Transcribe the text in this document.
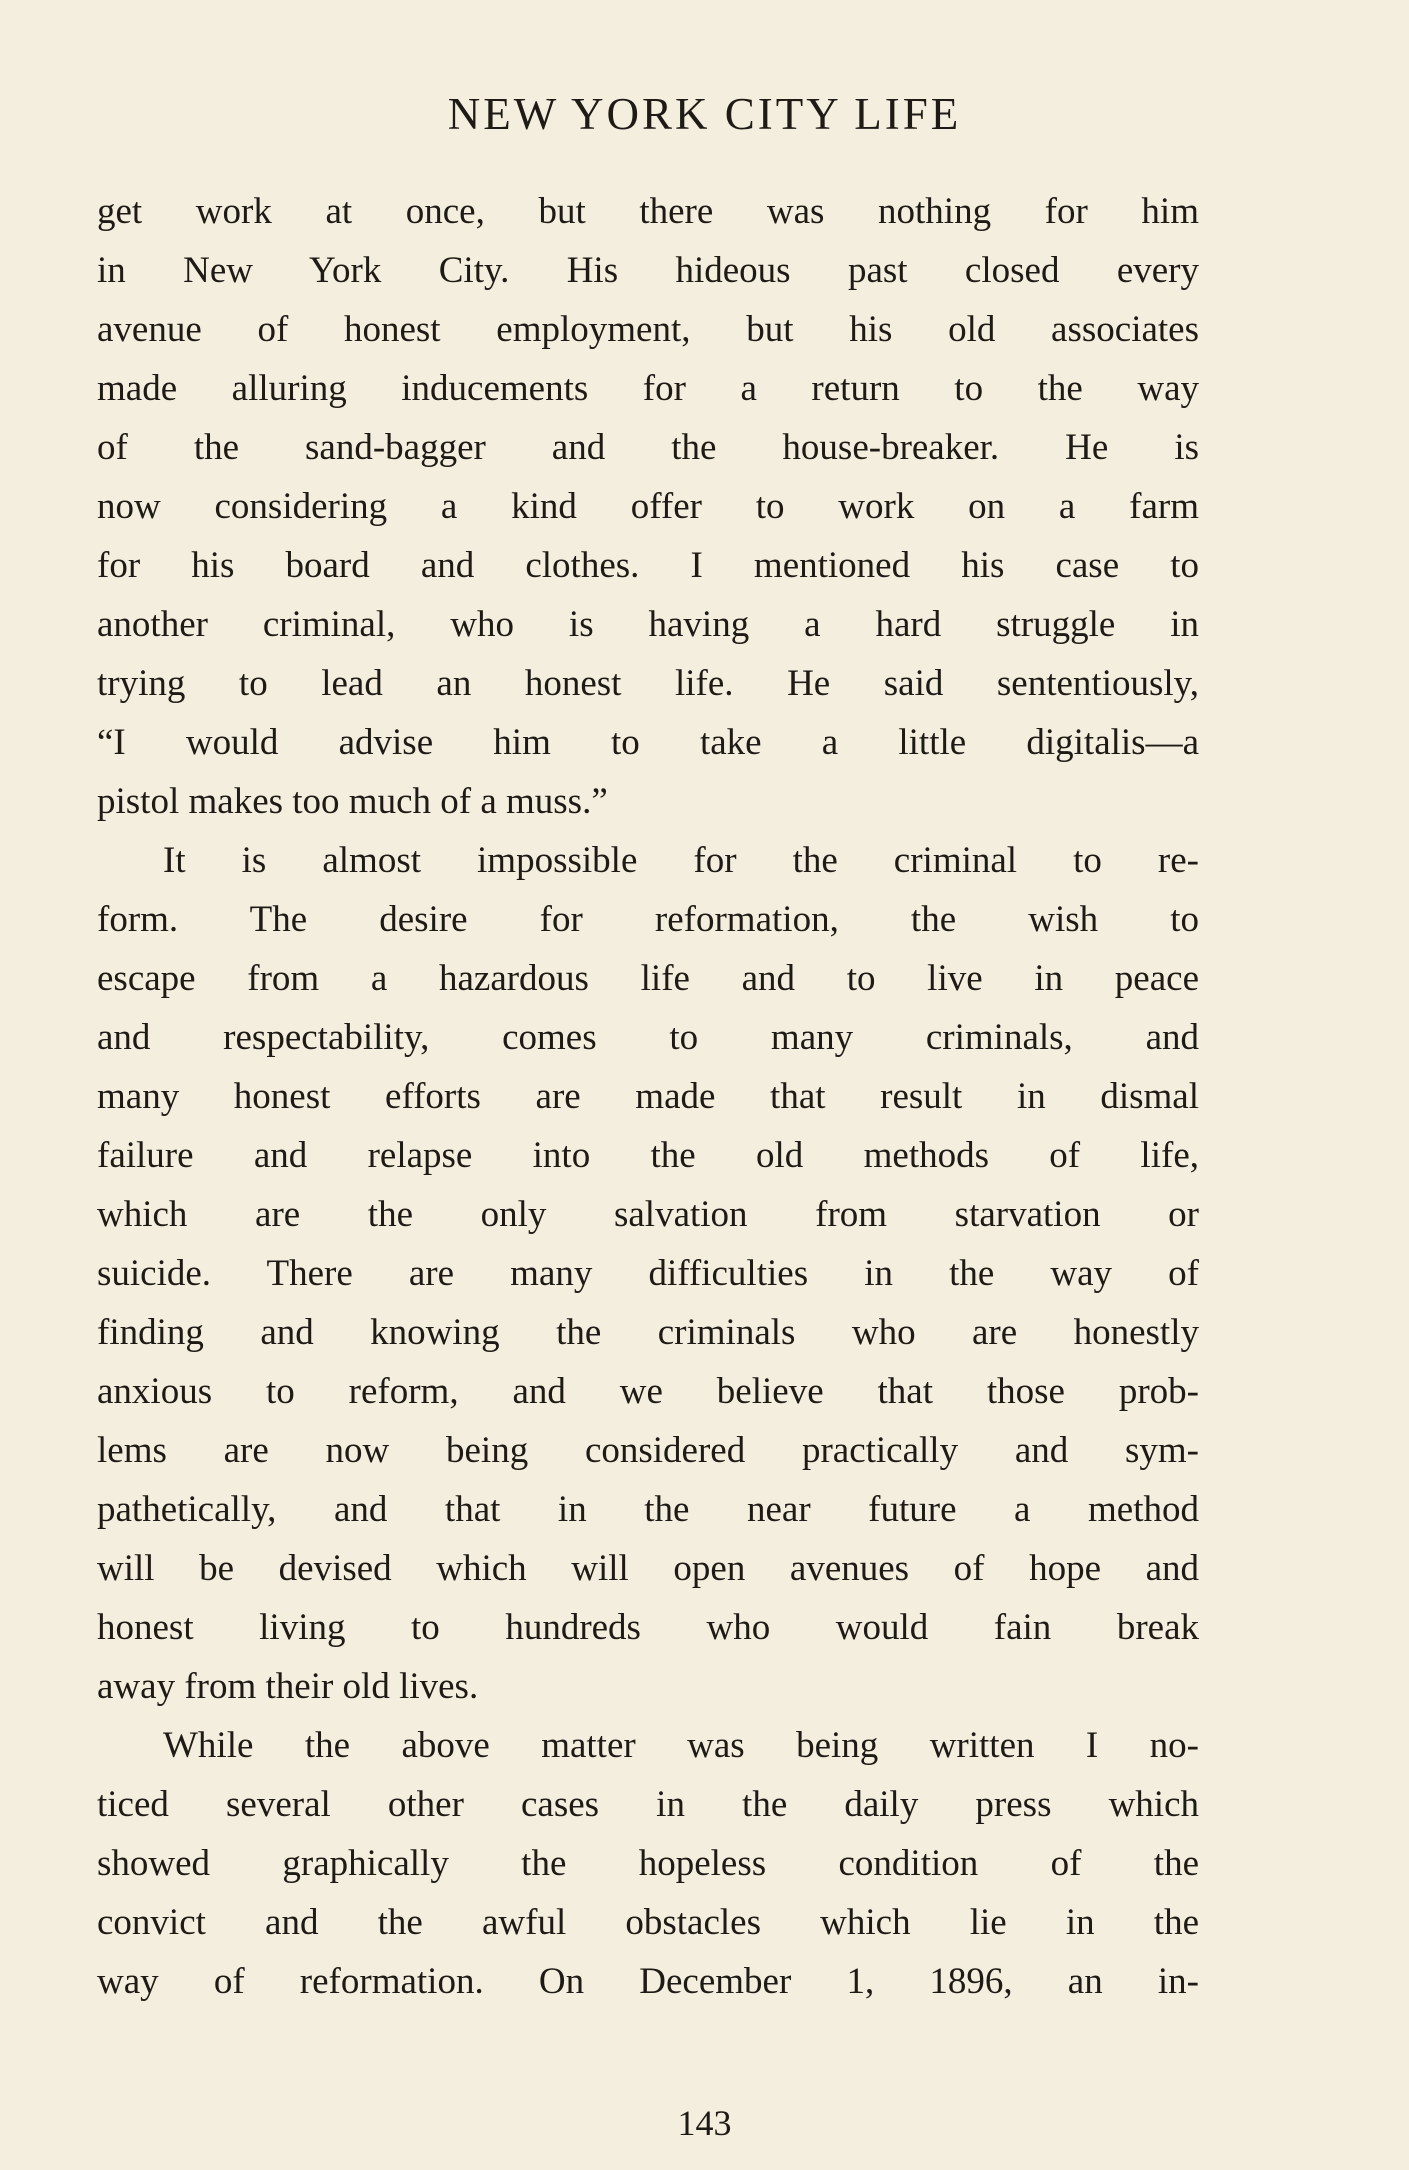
NEW YORK CITY LIFE
get work at once, but there was nothing for him
in New York City. His hideous past closed every
avenue of honest employment, but his old associates
made alluring inducements for a return to the way
of the sand-bagger and the house-breaker. He is
now considering a kind offer to work on a farm
for his board and clothes. I mentioned his case to
another criminal, who is having a hard struggle in
trying to lead an honest life. He said sententiously,
“I would advise him to take a little digitalis—a
pistol makes too much of a muss.”
It is almost impossible for the criminal to re-
form. The desire for reformation, the wish to
escape from a hazardous life and to live in peace
and respectability, comes to many criminals, and
many honest efforts are made that result in dismal
failure and relapse into the old methods of life,
which are the only salvation from starvation or
suicide. There are many difficulties in the way of
finding and knowing the criminals who are honestly
anxious to reform, and we believe that those prob-
lems are now being considered practically and sym-
pathetically, and that in the near future a method
will be devised which will open avenues of hope and
honest living to hundreds who would fain break
away from their old lives.
While the above matter was being written I no-
ticed several other cases in the daily press which
showed graphically the hopeless condition of the
convict and the awful obstacles which lie in the
way of reformation. On December 1, 1896, an in-
143
